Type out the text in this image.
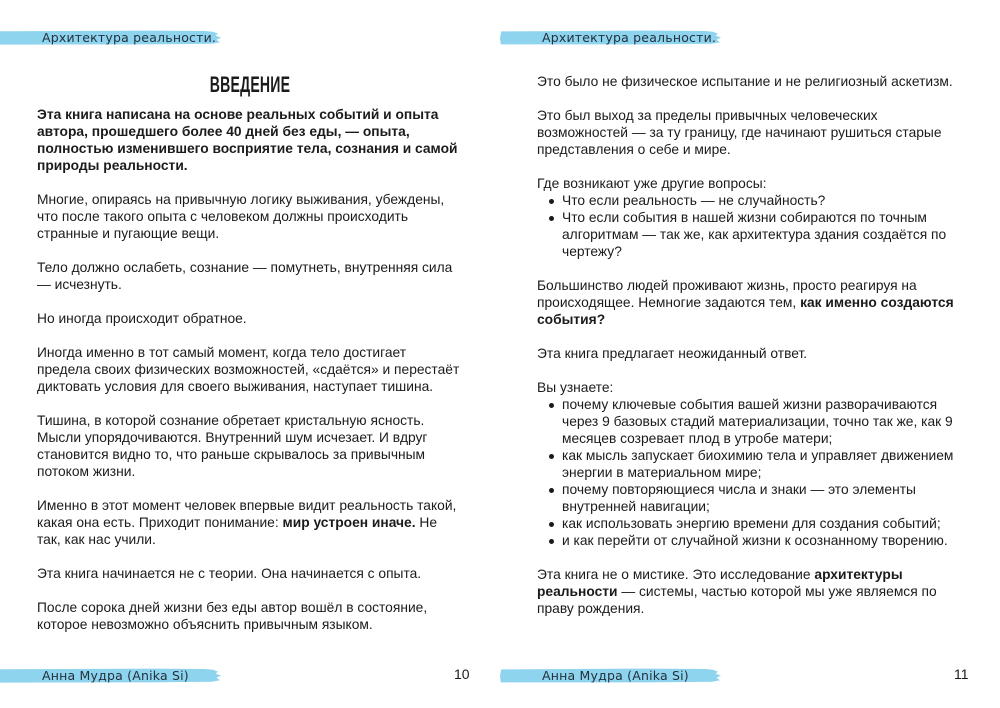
Архитектура реальности.
ВВЕДЕНИЕ
Эта книга написана на основе реальных событий и опыта
автора, прошедшего более 40 дней без еды, — опыта,
полностью изменившего восприятие тела, сознания и самой
природы реальности.
Многие, опираясь на привычную логику выживания, убеждены,
что после такого опыта с человеком должны происходить
странные и пугающие вещи.
Тело должно ослабеть, сознание — помутнеть, внутренняя сила
— исчезнуть.
Но иногда происходит обратное.
Иногда именно в тот самый момент, когда тело достигает
предела своих физических возможностей, «сдаётся» и перестаёт
диктовать условия для своего выживания, наступает тишина.
Тишина, в которой сознание обретает кристальную ясность.
Мысли упорядочиваются. Внутренний шум исчезает. И вдруг
становится видно то, что раньше скрывалось за привычным
потоком жизни.
Именно в этот момент человек впервые видит реальность такой,
какая она есть. Приходит понимание: мир устроен иначе. Не
так, как нас учили.
Эта книга начинается не с теории. Она начинается с опыта.
После сорока дней жизни без еды автор вошёл в состояние,
которое невозможно объяснить привычным языком.
Анна Мудра (Anika Si)	10
Архитектура реальности.
Это было не физическое испытание и не религиозный аскетизм.
Это был выход за пределы привычных человеческих
возможностей — за ту границу, где начинают рушиться старые
представления о себе и мире.
Где возникают уже другие вопросы:
Что если реальность — не случайность?
Что если события в нашей жизни собираются по точным
алгоритмам — так же, как архитектура здания создаётся по
чертежу?
Большинство людей проживают жизнь, просто реагируя на
происходящее. Немногие задаются тем, как именно создаются
события?
Эта книга предлагает неожиданный ответ.
Вы узнаете:
почему ключевые события вашей жизни разворачиваются
через 9 базовых стадий материализации, точно так же, как 9
месяцев созревает плод в утробе матери;
как мысль запускает биохимию тела и управляет движением
энергии в материальном мире;
почему повторяющиеся числа и знаки — это элементы
внутренней навигации;
как использовать энергию времени для создания событий;
и как перейти от случайной жизни к осознанному творению.
Эта книга не о мистике. Это исследование архитектуры
реальности — системы, частью которой мы уже являемся по
праву рождения.
Анна Мудра (Anika Si)	11
